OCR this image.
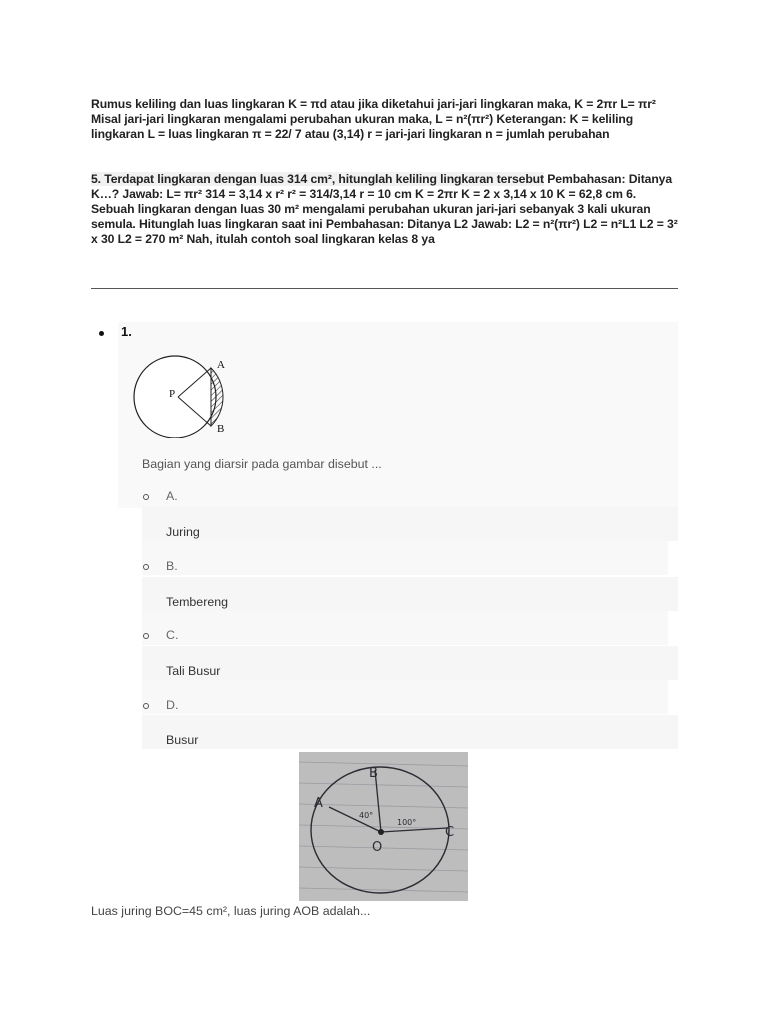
Rumus keliling dan luas lingkaran K = πd atau jika diketahui jari-jari lingkaran maka, K = 2πr L= πr² Misal jari-jari lingkaran mengalami perubahan ukuran maka, L = n²(πr²) Keterangan: K = keliling lingkaran L = luas lingkaran π = 22/ 7 atau (3,14) r = jari-jari lingkaran n = jumlah perubahan
5. Terdapat lingkaran dengan luas 314 cm², hitunglah keliling lingkaran tersebut Pembahasan: Ditanya K…? Jawab: L= πr² 314 = 3,14 x r² r² = 314/3,14 r = 10 cm K = 2πr K = 2 x 3,14 x 10 K = 62,8 cm 6. Sebuah lingkaran dengan luas 30 m² mengalami perubahan ukuran jari-jari sebanyak 3 kali ukuran semula. Hitunglah luas lingkaran saat ini Pembahasan: Ditanya L2 Jawab: L2 = n²(πr²) L2 = n²L1 L2 = 3² x 30 L2 = 270 m² Nah, itulah contoh soal lingkaran kelas 8 ya
1.
A
B
P
Bagian yang diarsir pada gambar disebut ...
A.
Juring
B.
Tembereng
C.
Tali Busur
D.
Busur
A
B
C
O
40°
100°
Luas juring BOC=45 cm², luas juring AOB adalah...
